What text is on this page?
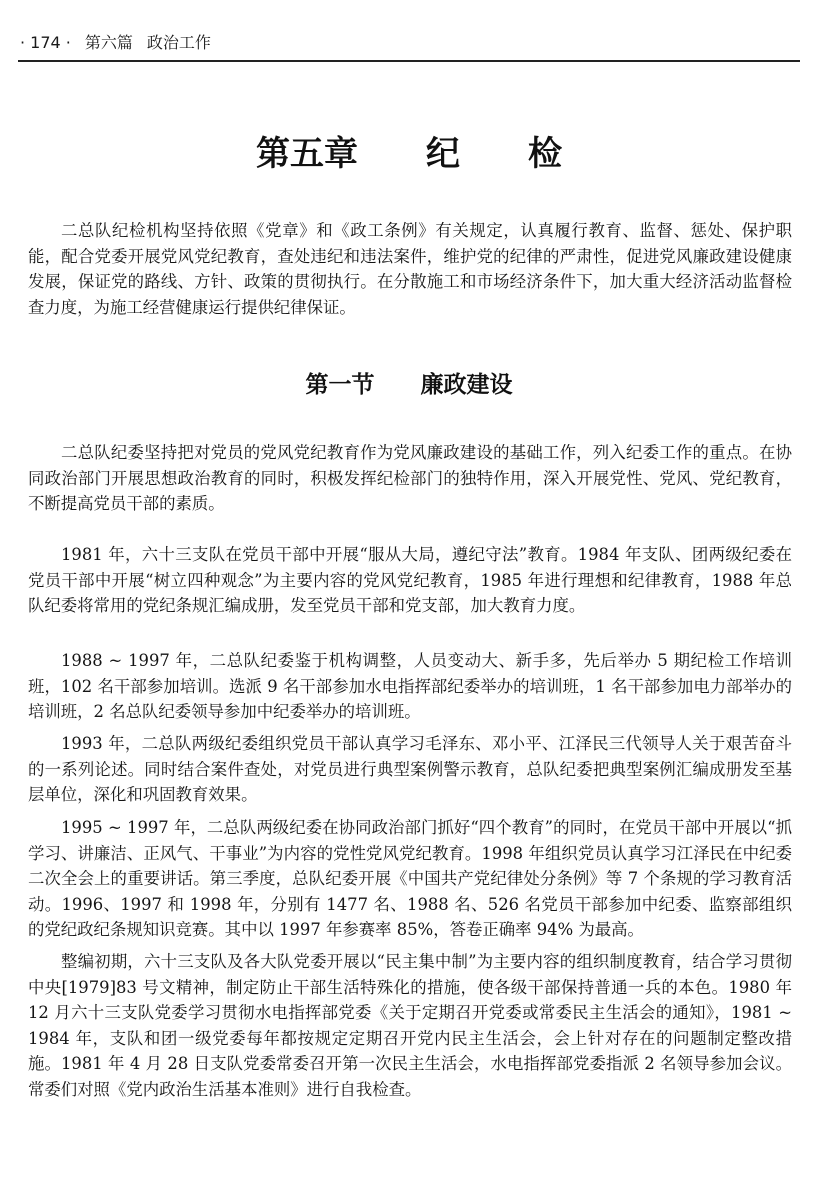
· 174 · 第六篇 政治工作
第五章　　纪　　检

二总队纪检机构坚持依照《党章》和《政工条例》有关规定，认真履行教育、监督、惩处、保护职能，配合党委开展党风党纪教育，查处违纪和违法案件，维护党的纪律的严肃性，促进党风廉政建设健康发展，保证党的路线、方针、政策的贯彻执行。在分散施工和市场经济条件下，加大重大经济活动监督检查力度，为施工经营健康运行提供纪律保证。

第一节　　廉政建设

二总队纪委坚持把对党员的党风党纪教育作为党风廉政建设的基础工作，列入纪委工作的重点。在协同政治部门开展思想政治教育的同时，积极发挥纪检部门的独特作用，深入开展党性、党风、党纪教育，不断提高党员干部的素质。

1981 年，六十三支队在党员干部中开展“服从大局，遵纪守法”教育。1984 年支队、团两级纪委在党员干部中开展“树立四种观念”为主要内容的党风党纪教育，1985 年进行理想和纪律教育，1988 年总队纪委将常用的党纪条规汇编成册，发至党员干部和党支部，加大教育力度。

1988 ~ 1997 年，二总队纪委鉴于机构调整，人员变动大、新手多，先后举办 5 期纪检工作培训班，102 名干部参加培训。选派 9 名干部参加水电指挥部纪委举办的培训班，1 名干部参加电力部举办的培训班，2 名总队纪委领导参加中纪委举办的培训班。

1993 年，二总队两级纪委组织党员干部认真学习毛泽东、邓小平、江泽民三代领导人关于艰苦奋斗的一系列论述。同时结合案件查处，对党员进行典型案例警示教育，总队纪委把典型案例汇编成册发至基层单位，深化和巩固教育效果。

1995 ~ 1997 年，二总队两级纪委在协同政治部门抓好“四个教育”的同时，在党员干部中开展以“抓学习、讲廉洁、正风气、干事业”为内容的党性党风党纪教育。1998 年组织党员认真学习江泽民在中纪委二次全会上的重要讲话。第三季度，总队纪委开展《中国共产党纪律处分条例》等 7 个条规的学习教育活动。1996、1997 和 1998 年，分别有 1477 名、1988 名、526 名党员干部参加中纪委、监察部组织的党纪政纪条规知识竞赛。其中以 1997 年参赛率 85%，答卷正确率 94% 为最高。

整编初期，六十三支队及各大队党委开展以“民主集中制”为主要内容的组织制度教育，结合学习贯彻中央[1979]83 号文精神，制定防止干部生活特殊化的措施，使各级干部保持普通一兵的本色。1980 年 12 月六十三支队党委学习贯彻水电指挥部党委《关于定期召开党委或常委民主生活会的通知》，1981 ~ 1984 年，支队和团一级党委每年都按规定定期召开党内民主生活会，会上针对存在的问题制定整改措施。1981 年 4 月 28 日支队党委常委召开第一次民主生活会，水电指挥部党委指派 2 名领导参加会议。常委们对照《党内政治生活基本准则》进行自我检查。
